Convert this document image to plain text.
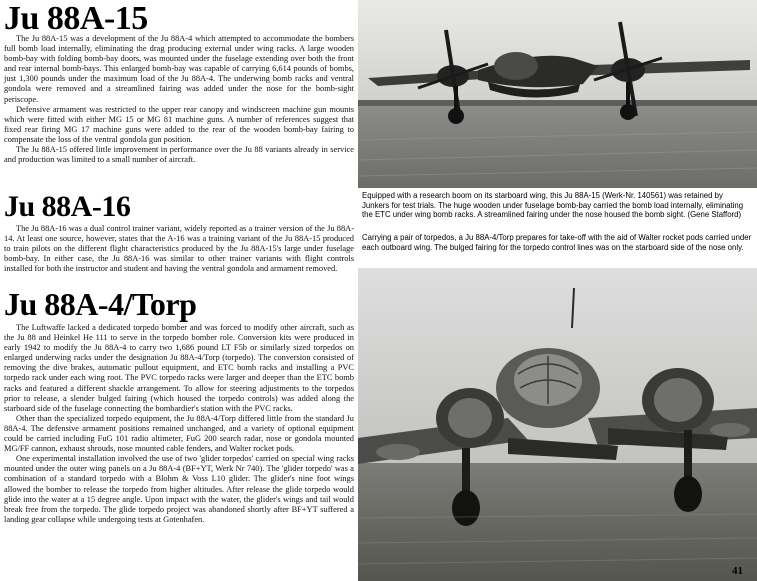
Ju 88A-15

The Ju 88A-15 was a development of the Ju 88A-4 which attempted to accommodate the bombers full bomb load internally, eliminating the drag producing external under wing racks. A large wooden bomb-bay with folding bomb-bay doors, was mounted under the fuselage extending over both the front and rear internal bomb-bays. This enlarged bomb-bay was capable of carrying 6,614 pounds of bombs, just 1,300 pounds under the maximum load of the Ju 88A-4. The underwing bomb racks and ventral gondola were removed and a streamlined fairing was added under the nose for the bomb-sight periscope.

Defensive armament was restricted to the upper rear canopy and windscreen machine gun mounts which were fitted with either MG 15 or MG 81 machine guns. A number of references suggest that fixed rear firing MG 17 machine guns were added to the rear of the wooden bomb-bay fairing to compensate the loss of the ventral gondola gun position.

The Ju 88A-15 offered little improvement in performance over the Ju 88 variants already in service and production was limited to a small number of aircraft.

Ju 88A-16

The Ju 88A-16 was a dual control trainer variant, widely reported as a trainer version of the Ju 88A-14. At least one source, however, states that the A-16 was a training variant of the Ju 88A-15 produced to train pilots on the different flight characteristics produced by the Ju 88A-15's large under fuselage bomb-bay. In either case, the Ju 88A-16 was similar to other trainer variants with flight controls installed for both the instructor and student and having the ventral gondola and armament removed.

Ju 88A-4/Torp

The Luftwaffe lacked a dedicated torpedo bomber and was forced to modify other aircraft, such as the Ju 88 and Heinkel He 111 to serve in the torpedo bomber role. Conversion kits were produced in early 1942 to modify the Ju 88A-4 to carry two 1,686 pound LT F5b or similarly sized torpedos on enlarged underwing racks under the designation Ju 88A-4/Torp (torpedo). The conversion consisted of removing the dive brakes, automatic pullout equipment, and ETC bomb racks and installing a PVC torpedo rack under each wing root. The PVC torpedo racks were larger and deeper than the ETC bomb racks and featured a different shackle arrangement. To allow for steering adjustments to the torpedos prior to release, a slender bulged fairing (which housed the torpedo controls) was added along the starboard side of the fuselage connecting the bombardier's station with the PVC racks.

Other than the specialized torpedo equipment, the Ju 88A-4/Torp differed little from the standard Ju 88A-4. The defensive armament positions remained unchanged, and a variety of optional equipment could be carried including FuG 101 radio altimeter, FuG 200 search radar, nose or gondola mounted MG/FF cannon, exhaust shrouds, nose mounted cable fenders, and Walter rocket pods.

One experimental installation involved the use of two 'glider torpedos' carried on special wing racks mounted under the outer wing panels on a Ju 88A-4 (BF+YT, Werk Nr 740). The 'glider torpedo' was a combination of a standard torpedo with a Blohm & Voss L10 glider. The glider's nine foot wings allowed the bomber to release the torpedo from higher altitudes. After release the glide torpedo would glide into the water at a 15 degree angle. Upon impact with the water, the glider's wings and tail would break free from the torpedo. The glide torpedo project was abandoned shortly after BF+YT suffered a landing gear collapse while undergoing tests at Gotenhafen.

Equipped with a research boom on its starboard wing, this Ju 88A-15 (Werk-Nr. 140561) was retained by Junkers for test trials. The huge wooden under fuselage bomb-bay carried the bomb load internally, eliminating the ETC under wing bomb racks. A streamlined fairing under the nose housed the bomb sight. (Gene Stafford)

Carrying a pair of torpedos, a Ju 88A-4/Torp prepares for take-off with the aid of Walter rocket pods carried under each outboard wing. The bulged fairing for the torpedo control lines was on the starboard side of the nose only.

41
